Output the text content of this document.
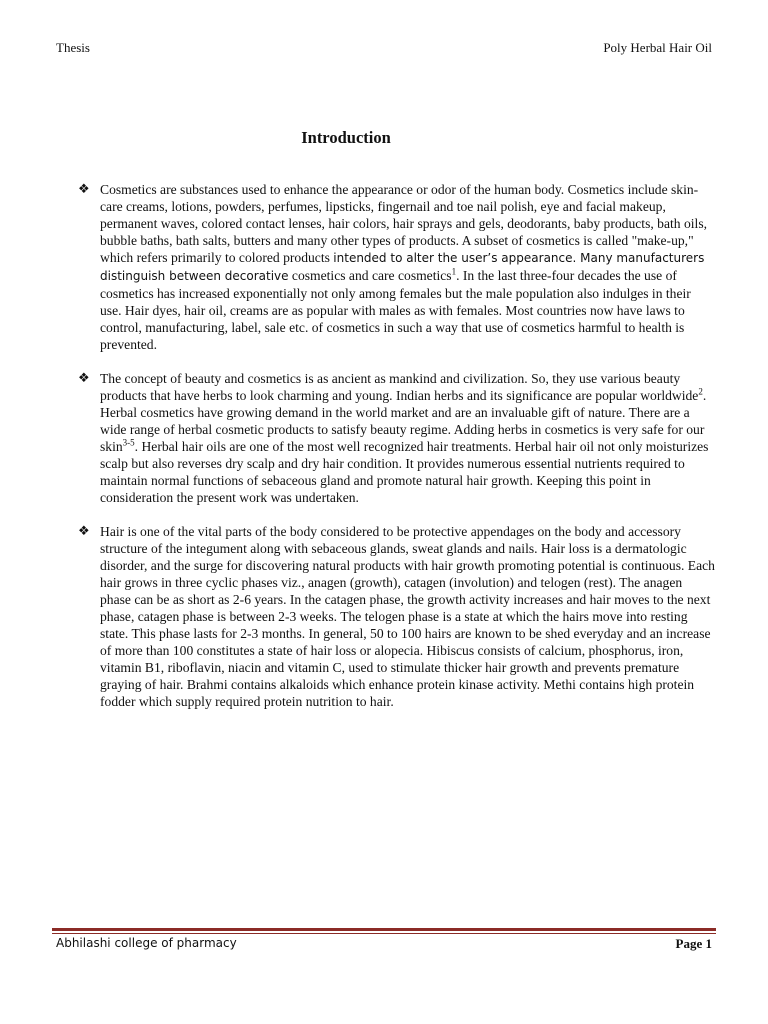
Thesis	Poly Herbal Hair Oil
Introduction
❖ Cosmetics are substances used to enhance the appearance or odor of the human body. Cosmetics include skin-care creams, lotions, powders, perfumes, lipsticks, fingernail and toe nail polish, eye and facial makeup, permanent waves, colored contact lenses, hair colors, hair sprays and gels, deodorants, baby products, bath oils, bubble baths, bath salts, butters and many other types of products. A subset of cosmetics is called "make-up," which refers primarily to colored products intended to alter the user’s appearance. Many manufacturers distinguish between decorative cosmetics and care cosmetics$^1$. In the last three-four decades the use of cosmetics has increased exponentially not only among females but the male population also indulges in their use. Hair dyes, hair oil, creams are as popular with males as with females. Most countries now have laws to control, manufacturing, label, sale etc. of cosmetics in such a way that use of cosmetics harmful to health is prevented.

❖ The concept of beauty and cosmetics is as ancient as mankind and civilization. So, they use various beauty products that have herbs to look charming and young. Indian herbs and its significance are popular worldwide$^2$. Herbal cosmetics have growing demand in the world market and are an invaluable gift of nature. There are a wide range of herbal cosmetic products to satisfy beauty regime. Adding herbs in cosmetics is very safe for our skin$^{3-5}$. Herbal hair oils are one of the most well recognized hair treatments. Herbal hair oil not only moisturizes scalp but also reverses dry scalp and dry hair condition. It provides numerous essential nutrients required to maintain normal functions of sebaceous gland and promote natural hair growth. Keeping this point in consideration the present work was undertaken.

❖ Hair is one of the vital parts of the body considered to be protective appendages on the body and accessory structure of the integument along with sebaceous glands, sweat glands and nails. Hair loss is a dermatologic disorder, and the surge for discovering natural products with hair growth promoting potential is continuous. Each hair grows in three cyclic phases viz., anagen (growth), catagen (involution) and telogen (rest). The anagen phase can be as short as 2-6 years. In the catagen phase, the growth activity increases and hair moves to the next phase, catagen phase is between 2-3 weeks. The telogen phase is a state at which the hairs move into resting state. This phase lasts for 2-3 months. In general, 50 to 100 hairs are known to be shed everyday and an increase of more than 100 constitutes a state of hair loss or alopecia. Hibiscus consists of calcium, phosphorus, iron, vitamin B1, riboflavin, niacin and vitamin C, used to stimulate thicker hair growth and prevents premature graying of hair. Brahmi contains alkaloids which enhance protein kinase activity. Methi contains high protein fodder which supply required protein nutrition to hair.

Abhilashi college of pharmacy	Page 1
